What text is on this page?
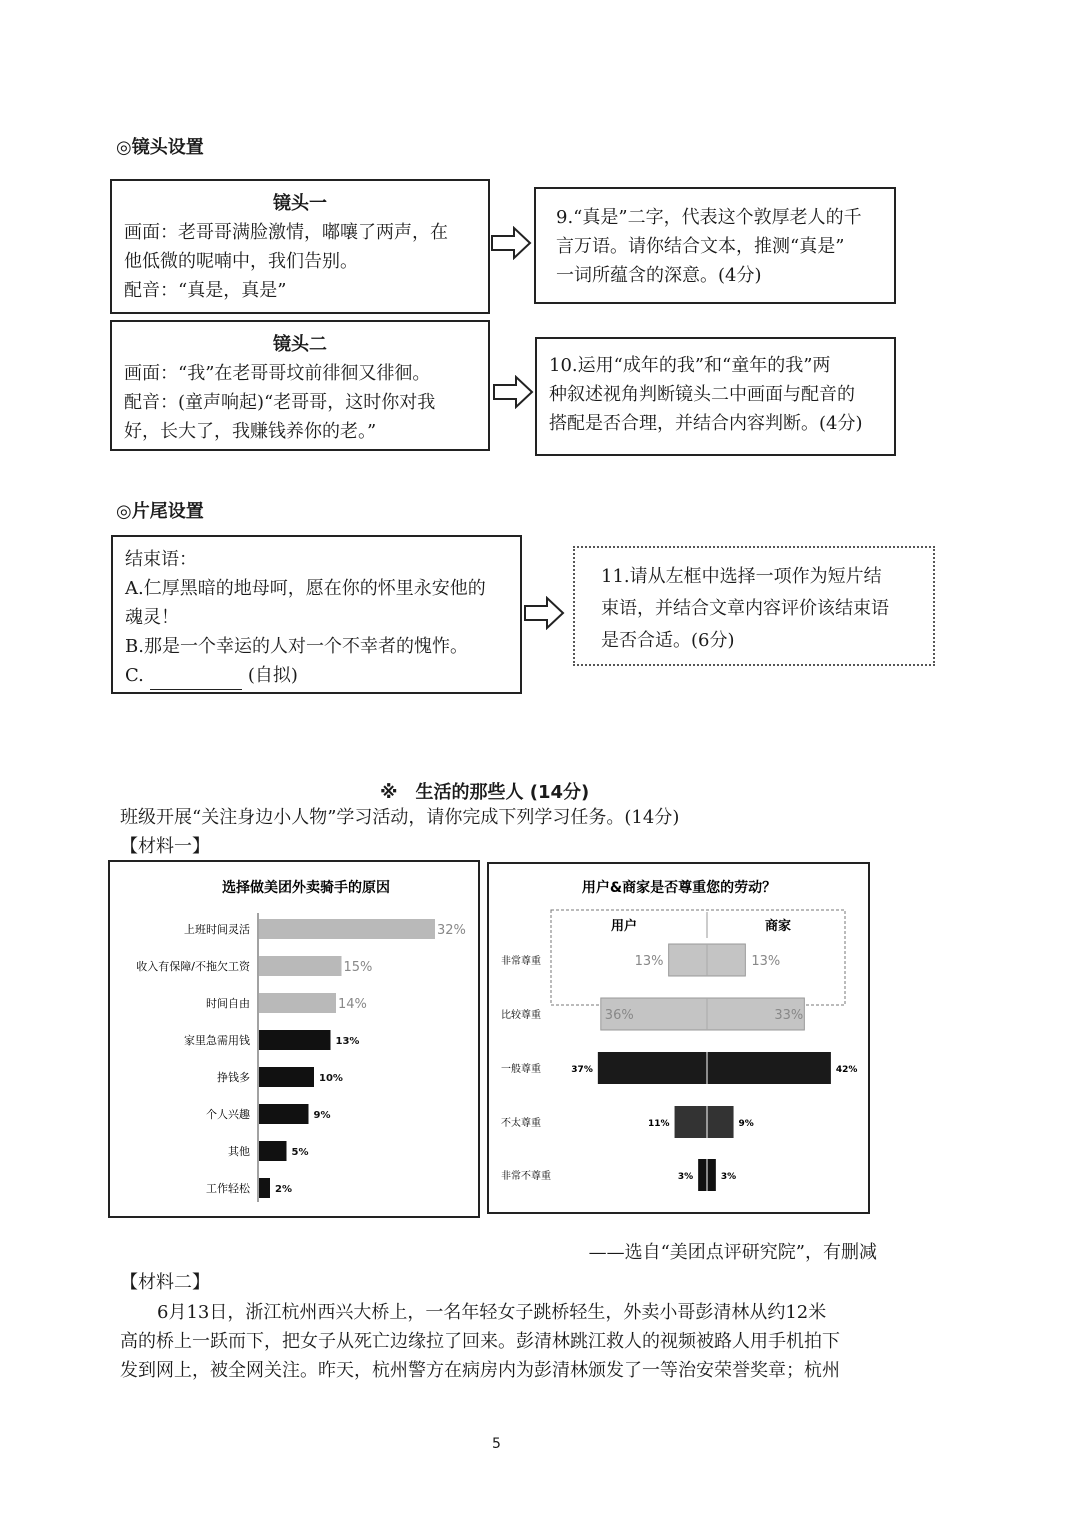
◎镜头设置
镜头一
画面：老哥哥满脸激情，嘟嚷了两声，在
他低微的呢喃中，我们告别。
配音：“真是，真是”
9.“真是”二字，代表这个敦厚老人的千
言万语。请你结合文本，推测“真是”
一词所蕴含的深意。(4分)
镜头二
画面：“我”在老哥哥坟前徘徊又徘徊。
配音：(童声响起)“老哥哥，这时你对我
好，长大了，我赚钱养你的老。”
10.运用“成年的我”和“童年的我”两
种叙述视角判断镜头二中画面与配音的
搭配是否合理，并结合内容判断。(4分)
◎片尾设置
结束语：
A.仁厚黑暗的地母呵，愿在你的怀里永安他的
魂灵！
B.那是一个幸运的人对一个不幸者的愧怍。
C.	(自拟)
11.请从左框中选择一项作为短片结
束语，并结合文章内容评价该结束语
是否合适。(6分)
※　生活的那些人 (14分)
班级开展“关注身边小人物”学习活动，请你完成下列学习任务。(14分)
【材料一】
选择做美团外卖骑手的原因
上班时间灵活	32%
收入有保障/不拖欠工资	15%
时间自由	14%
家里急需用钱	13%
挣钱多	10%
个人兴趣	9%
其他	5%
工作轻松	2%
用户&商家是否尊重您的劳动？
用户	商家
非常尊重	13%	13%
比较尊重	36%	33%
一般尊重	37%	42%
不太尊重	11%	9%
非常不尊重	3%	3%
——选自“美团点评研究院”，有删减
【材料二】
6月13日，浙江杭州西兴大桥上，一名年轻女子跳桥轻生，外卖小哥彭清林从约12米
高的桥上一跃而下，把女子从死亡边缘拉了回来。彭清林跳江救人的视频被路人用手机拍下
发到网上，被全网关注。昨天，杭州警方在病房内为彭清林颁发了一等治安荣誉奖章；杭州
5
